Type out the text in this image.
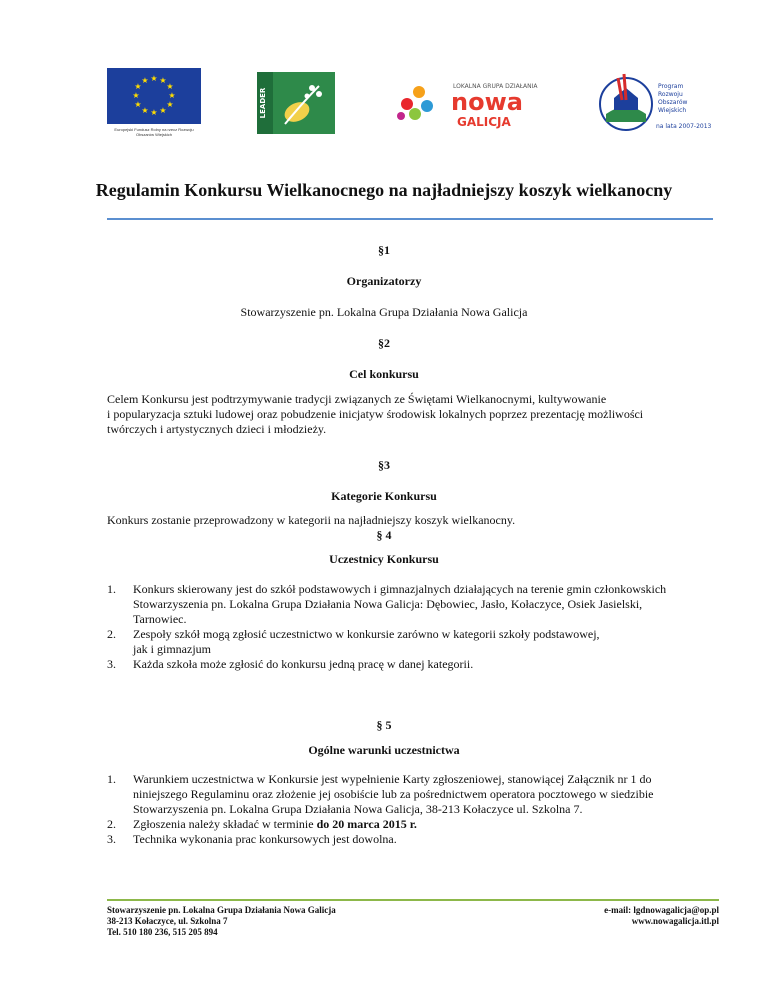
★ ★
★
★
★
★
★
★
★
★
★
★
Europejski Fundusz Rolny na rzecz Rozwoju Obszarów Wiejskich
LEADER
LOKALNA GRUPA DZIAŁANIA
nowa
GALICJA
Program
Rozwoju
Obszarów
Wiejskich
na lata 2007-2013
Regulamin Konkursu Wielkanocnego na najładniejszy koszyk wielkanocny
§1
Organizatorzy
Stowarzyszenie pn. Lokalna Grupa Działania Nowa Galicja
§2
Cel konkursu
Celem Konkursu jest podtrzymywanie tradycji związanych ze Świętami Wielkanocnymi, kultywowanie
i popularyzacja sztuki ludowej oraz pobudzenie inicjatyw środowisk lokalnych poprzez prezentację możliwości
twórczych i artystycznych dzieci i młodzieży.
§3
Kategorie Konkursu
Konkurs zostanie przeprowadzony w kategorii na najładniejszy koszyk wielkanocny.
§ 4
Uczestnicy Konkursu
1. Konkurs skierowany jest do szkół podstawowych i gimnazjalnych działających na terenie gmin członkowskich
Stowarzyszenia pn. Lokalna Grupa Działania Nowa Galicja: Dębowiec, Jasło, Kołaczyce, Osiek Jasielski,
Tarnowiec.
2. Zespoły szkół mogą zgłosić uczestnictwo w konkursie zarówno w kategorii szkoły podstawowej,
jak i gimnazjum
3. Każda szkoła może zgłosić do konkursu jedną pracę w danej kategorii.
§ 5
Ogólne warunki uczestnictwa
1. Warunkiem uczestnictwa w Konkursie jest wypełnienie Karty zgłoszeniowej, stanowiącej Załącznik nr 1 do
niniejszego Regulaminu oraz złożenie jej osobiście lub za pośrednictwem operatora pocztowego w siedzibie
Stowarzyszenia pn. Lokalna Grupa Działania Nowa Galicja, 38-213 Kołaczyce ul. Szkolna 7.
2. Zgłoszenia należy składać w terminie do 20 marca 2015 r.
3. Technika wykonania prac konkursowych jest dowolna.
Stowarzyszenie pn. Lokalna Grupa Działania Nowa Galicja
38-213 Kołaczyce, ul. Szkolna 7
Tel. 510 180 236, 515 205 894
e-mail: lgdnowagalicja@op.pl
www.nowagalicja.itl.pl
